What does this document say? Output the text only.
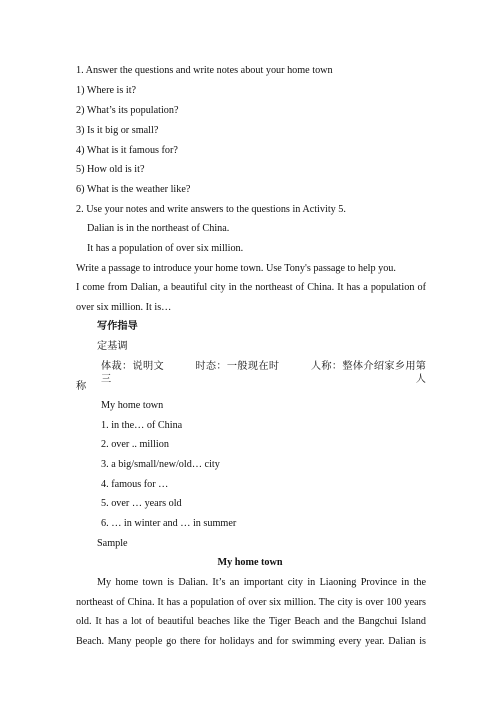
1. Answer the questions and write notes about your home town
1) Where is it?
2) What’s its population?
3) Is it big or small?
4) What is it famous for?
5) How old is it?
6) What is the weather like?
2. Use your notes and write answers to the questions in Activity 5.
Dalian is in the northeast of China.
It has a population of over six million.
Write a passage to introduce your home town. Use Tony's passage to help you.
I come from Dalian, a beautiful city in the northeast of China. It has a population of
over six million. It is…
写作指导
定基调
体裁：说明文　　　时态：一般现在时　　　人称：整体介绍家乡用第三人
称
My home town
1. in the… of China
2. over .. million
3. a big/small/new/old… city
4. famous for …
5. over … years old
6. … in winter and … in summer
Sample
My home town
My home town is Dalian. It’s an important city in Liaoning Province in the
northeast of China. It has a population of over six million. The city is over 100 years
old. It has a lot of beautiful beaches like the Tiger Beach and the Bangchui Island
Beach. Many people go there for holidays and for swimming every year. Dalian is
